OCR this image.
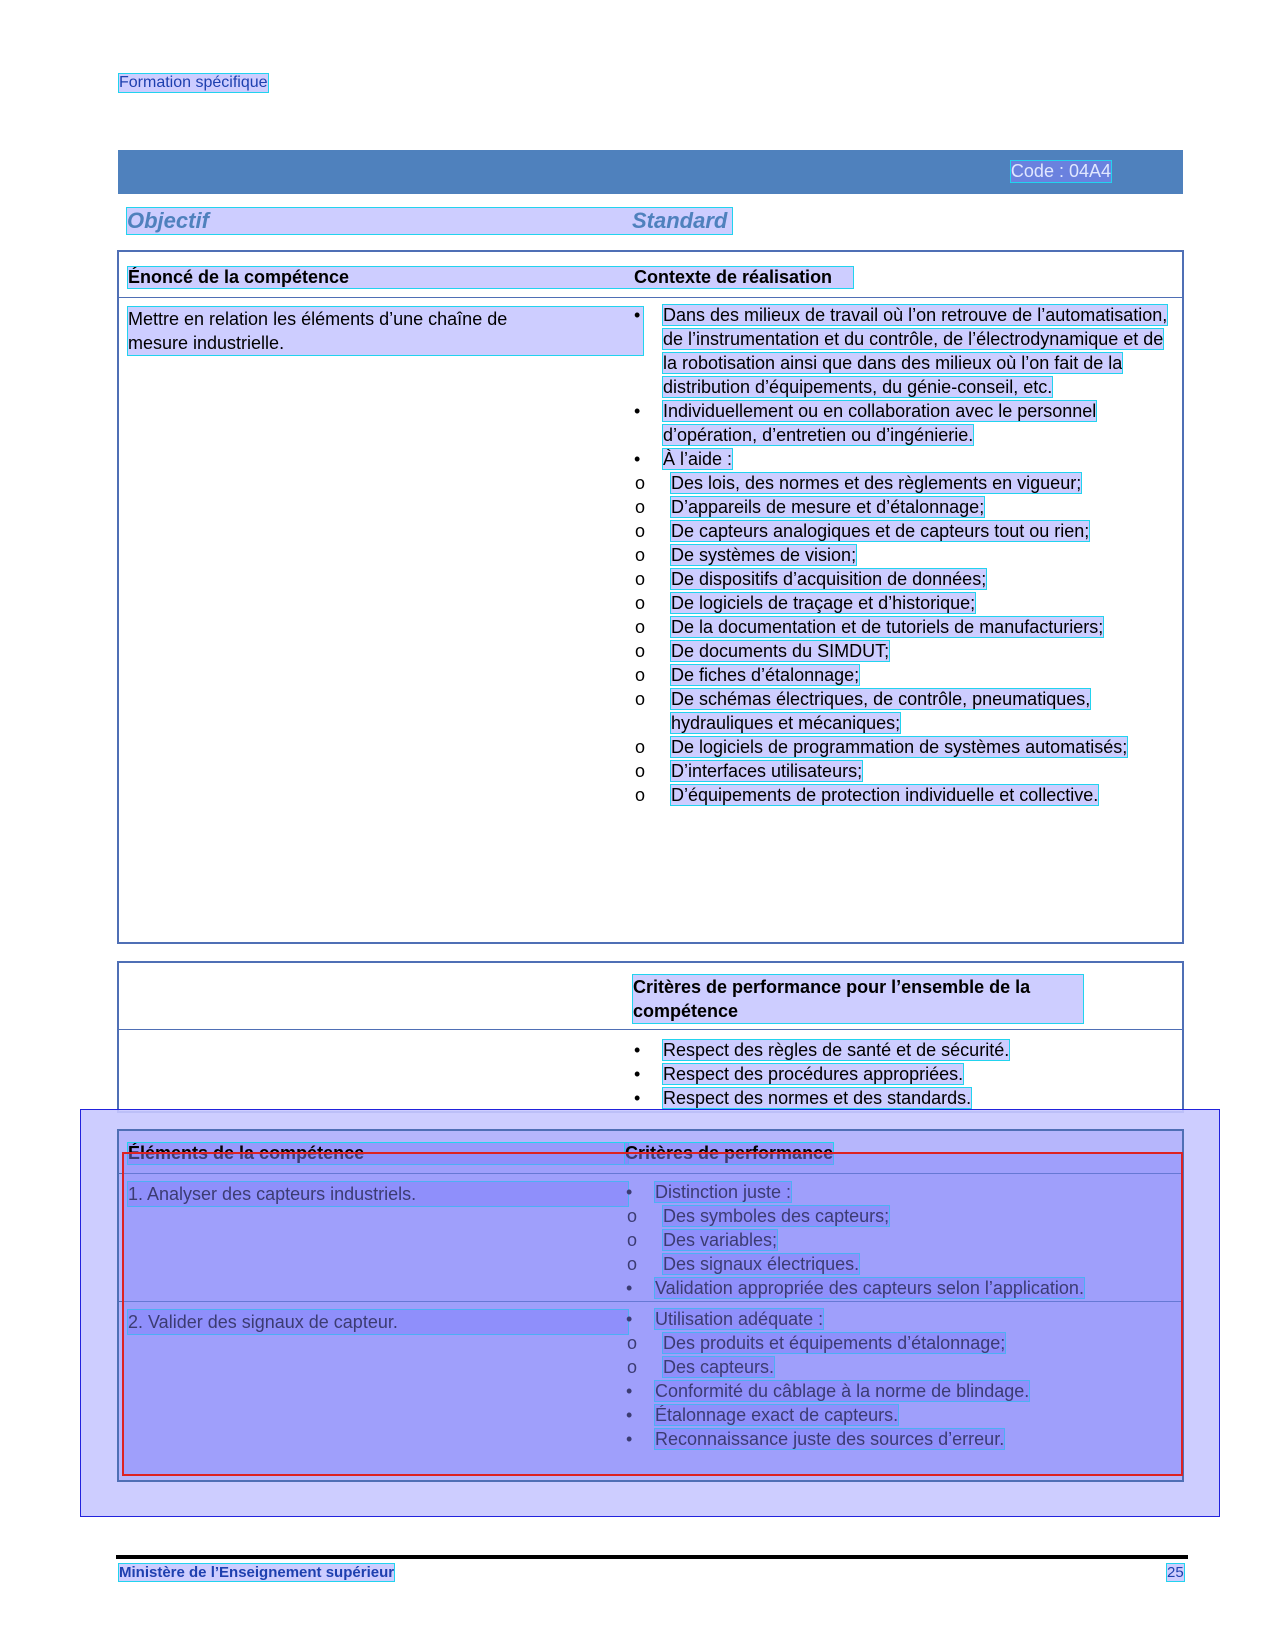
Formation spécifique
Code : 04A4
Objectif	Standard
Énoncé de la compétence	Contexte de réalisation
Mettre en relation les éléments d’une chaîne de mesure industrielle.
• Dans des milieux de travail où l’on retrouve de l’automatisation, de l’instrumentation et du contrôle, de l’électrodynamique et de la robotisation ainsi que dans des milieux où l’on fait de la distribution d’équipements, du génie-conseil, etc.
• Individuellement ou en collaboration avec le personnel d’opération, d’entretien ou d’ingénierie.
• À l’aide :
o Des lois, des normes et des règlements en vigueur;
o D’appareils de mesure et d’étalonnage;
o De capteurs analogiques et de capteurs tout ou rien;
o De systèmes de vision;
o De dispositifs d’acquisition de données;
o De logiciels de traçage et d’historique;
o De la documentation et de tutoriels de manufacturiers;
o De documents du SIMDUT;
o De fiches d’étalonnage;
o De schémas électriques, de contrôle, pneumatiques, hydrauliques et mécaniques;
o De logiciels de programmation de systèmes automatisés;
o D’interfaces utilisateurs;
o D’équipements de protection individuelle et collective.
Critères de performance pour l’ensemble de la compétence
• Respect des règles de santé et de sécurité.
• Respect des procédures appropriées.
• Respect des normes et des standards.
Éléments de la compétence	Critères de performance
1. Analyser des capteurs industriels.	• Distinction juste :
o Des symboles des capteurs;
o Des variables;
o Des signaux électriques.
• Validation appropriée des capteurs selon l’application.
2. Valider des signaux de capteur.	• Utilisation adéquate :
o Des produits et équipements d’étalonnage;
o Des capteurs.
• Conformité du câblage à la norme de blindage.
• Étalonnage exact de capteurs.
• Reconnaissance juste des sources d’erreur.
Ministère de l’Enseignement supérieur	25
